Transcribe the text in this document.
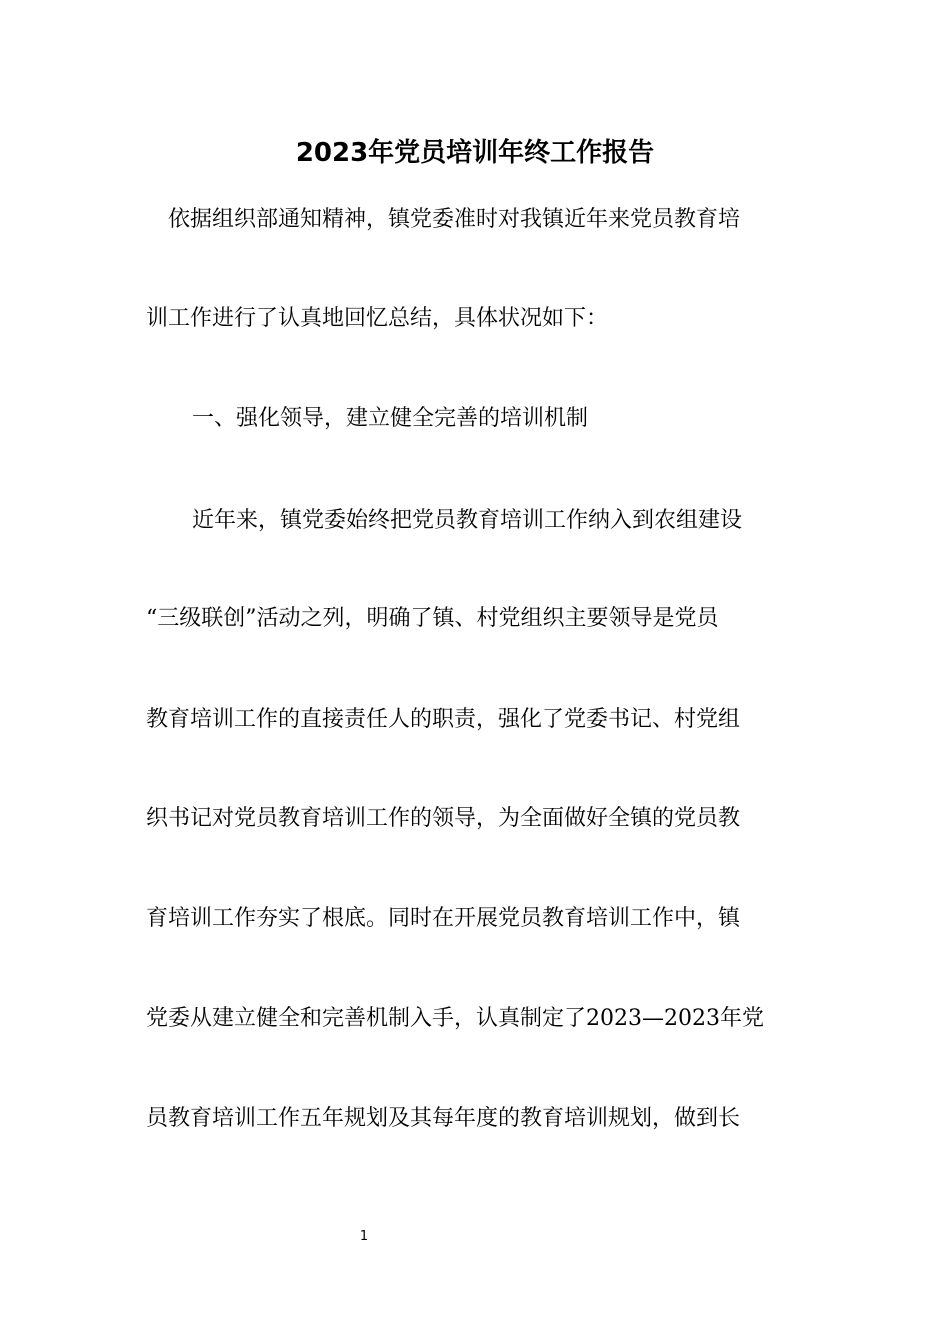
2023年党员培训年终工作报告
依据组织部通知精神，镇党委准时对我镇近年来党员教育培
训工作进行了认真地回忆总结，具体状况如下：
一、强化领导，建立健全完善的培训机制
近年来，镇党委始终把党员教育培训工作纳入到农组建设
“三级联创”活动之列，明确了镇、村党组织主要领导是党员
教育培训工作的直接责任人的职责，强化了党委书记、村党组
织书记对党员教育培训工作的领导，为全面做好全镇的党员教
育培训工作夯实了根底。同时在开展党员教育培训工作中，镇
党委从建立健全和完善机制入手，认真制定了2023—2023年党
员教育培训工作五年规划及其每年度的教育培训规划，做到长
1
